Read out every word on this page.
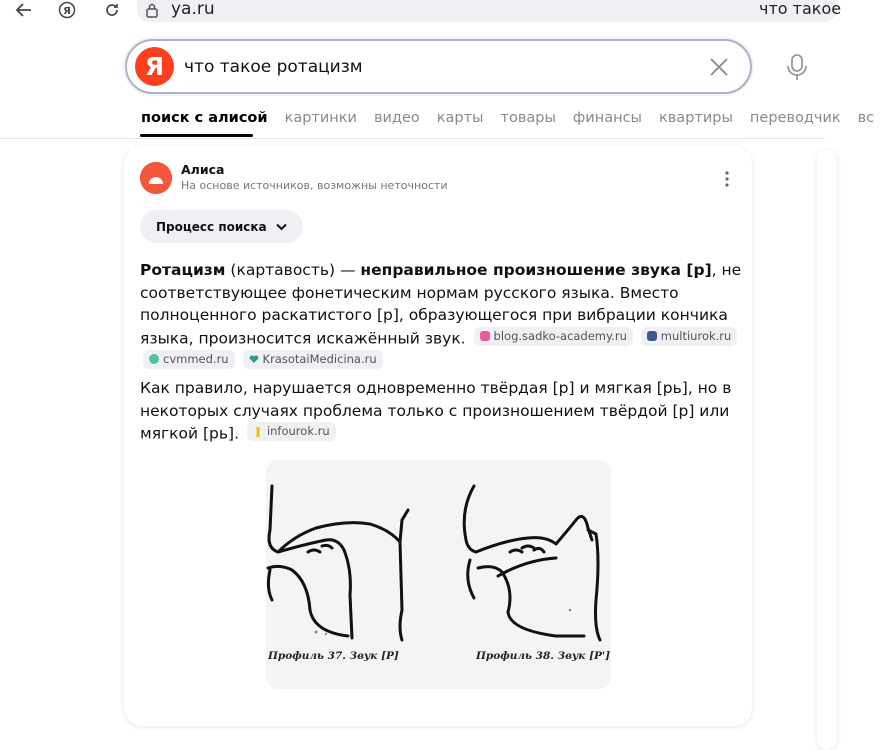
Я	ya.ru	что такое
Я
что такое ротацизм
поиск с алисой картинки видео карты товары финансы квартиры переводчик вс
Алиса
На основе источников, возможны неточности
Процесс поиска
Ротацизм (картавость) — неправильное произношение звука [р], не соответствующее фонетическим нормам русского языка. Вместо полноценного раскатистого [р], образующегося при вибрации кончика языка, произносится искажённый звук. blog.sadko-academy.ru
	multiurok.ru

cvmmed.ru
	KrasotaiMedicina.ru
Как правило, нарушается одновременно твёрдая [р] и мягкая [рь], но в некоторых случаях проблема только с произношением твёрдой [р] или мягкой [рь]. infourok.ru
Профиль 37. Звук [Р]	Профиль 38. Звук [Р']
